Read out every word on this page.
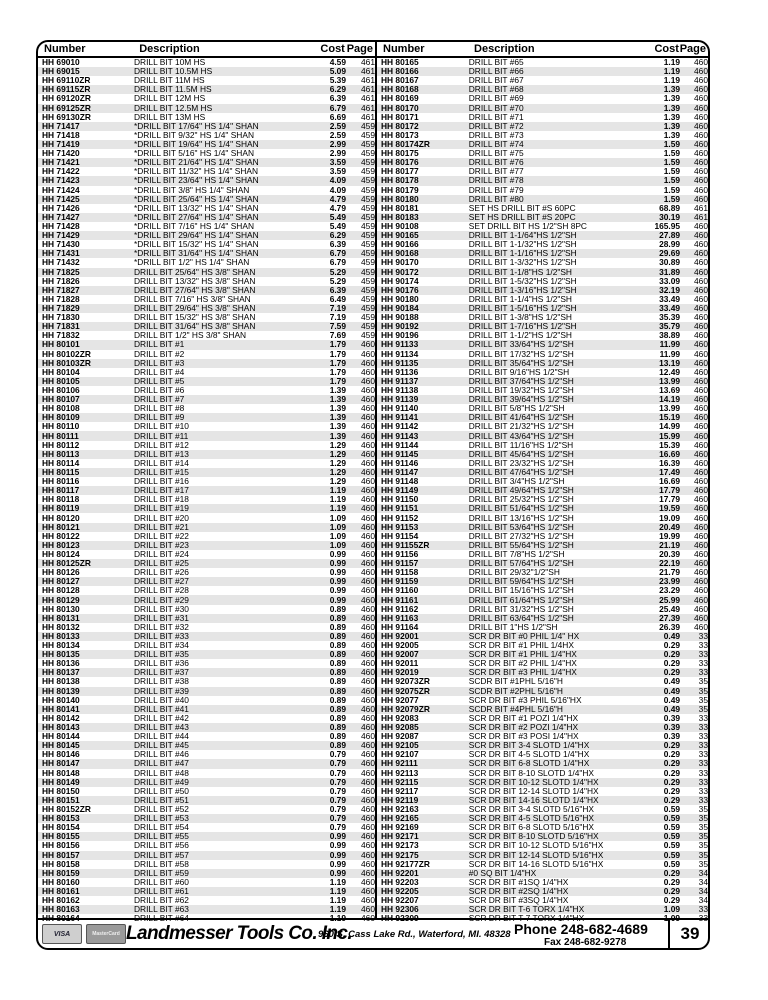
Number	Description	Cost Page
HH 69010	DRILL BIT 10M HS	4.59	461
HH 69015	DRILL BIT 10.5M HS	5.09	461
HH 69110ZR	DRILL BIT 11M HS	5.39	461
HH 69115ZR	DRILL BIT 11.5M HS	6.29	461
HH 69120ZR	DRILL BIT 12M HS	6.39	461
HH 69125ZR	DRILL BIT 12.5M HS	6.79	461
HH 69130ZR	DRILL BIT 13M HS	6.69	461
HH 71417	*DRILL BIT 17/64" HS 1/4" SHAN	2.59	459
HH 71418	*DRILL BIT 9/32" HS 1/4" SHAN	2.59	459
HH 71419	*DRILL BIT 19/64" HS 1/4" SHAN	2.99	459
HH 71420	*DRILL BIT 5/16" HS 1/4" SHAN	2.99	459
HH 71421	*DRILL BIT 21/64" HS 1/4" SHAN	3.59	459
HH 71422	*DRILL BIT 11/32" HS 1/4" SHAN	3.59	459
HH 71423	*DRILL BIT 23/64" HS 1/4" SHAN	4.09	459
HH 71424	*DRILL BIT 3/8" HS 1/4" SHAN	4.09	459
HH 71425	*DRILL BIT 25/64" HS 1/4" SHAN	4.79	459
HH 71426	*DRILL BIT 13/32" HS 1/4" SHAN	4.79	459
HH 71427	*DRILL BIT 27/64" HS 1/4" SHAN	5.49	459
HH 71428	*DRILL BIT 7/16" HS 1/4" SHAN	5.49	459
HH 71429	*DRILL BIT 29/64" HS 1/4" SHAN	6.29	459
HH 71430	*DRILL BIT 15/32" HS 1/4" SHAN	6.39	459
HH 71431	*DRILL BIT 31/64" HS 1/4" SHAN	6.79	459
HH 71432	*DRILL BIT 1/2" HS 1/4" SHAN	6.79	459
HH 71825	DRILL BIT 25/64" HS 3/8" SHAN	5.29	459
HH 71826	DRILL BIT 13/32" HS 3/8" SHAN	5.29	459
HH 71827	DRILL BIT 27/64" HS 3/8" SHAN	6.39	459
HH 71828	DRILL BIT 7/16" HS 3/8" SHAN	6.49	459
HH 71829	DRILL BIT 29/64" HS 3/8" SHAN	7.19	459
HH 71830	DRILL BIT 15/32" HS 3/8" SHAN	7.19	459
HH 71831	DRILL BIT 31/64" HS 3/8" SHAN	7.59	459
HH 71832	DRILL BIT 1/2" HS 3/8" SHAN	7.69	459
HH 80101	DRILL BIT #1	1.79	460
HH 80102ZR	DRILL BIT #2	1.79	460
HH 80103ZR	DRILL BIT #3	1.79	460
HH 80104	DRILL BIT #4	1.79	460
HH 80105	DRILL BIT #5	1.79	460
HH 80106	DRILL BIT #6	1.39	460
HH 80107	DRILL BIT #7	1.39	460
HH 80108	DRILL BIT #8	1.39	460
HH 80109	DRILL BIT #9	1.39	460
HH 80110	DRILL BIT #10	1.39	460
HH 80111	DRILL BIT #11	1.39	460
HH 80112	DRILL BIT #12	1.29	460
HH 80113	DRILL BIT #13	1.29	460
HH 80114	DRILL BIT #14	1.29	460
HH 80115	DRILL BIT #15	1.29	460
HH 80116	DRILL BIT #16	1.29	460
HH 80117	DRILL BIT #17	1.19	460
HH 80118	DRILL BIT #18	1.19	460
HH 80119	DRILL BIT #19	1.19	460
HH 80120	DRILL BIT #20	1.09	460
HH 80121	DRILL BIT #21	1.09	460
HH 80122	DRILL BIT #22	1.09	460
HH 80123	DRILL BIT #23	1.09	460
HH 80124	DRILL BIT #24	0.99	460
HH 80125ZR	DRILL BIT #25	0.99	460
HH 80126	DRILL BIT #26	0.99	460
HH 80127	DRILL BIT #27	0.99	460
HH 80128	DRILL BIT #28	0.99	460
HH 80129	DRILL BIT #29	0.99	460
HH 80130	DRILL BIT #30	0.89	460
HH 80131	DRILL BIT #31	0.89	460
HH 80132	DRILL BIT #32	0.89	460
HH 80133	DRILL BIT #33	0.89	460
HH 80134	DRILL BIT #34	0.89	460
HH 80135	DRILL BIT #35	0.89	460
HH 80136	DRILL BIT #36	0.89	460
HH 80137	DRILL BIT #37	0.89	460
HH 80138	DRILL BIT #38	0.89	460
HH 80139	DRILL BIT #39	0.89	460
HH 80140	DRILL BIT #40	0.89	460
HH 80141	DRILL BIT #41	0.89	460
HH 80142	DRILL BIT #42	0.89	460
HH 80143	DRILL BIT #43	0.89	460
HH 80144	DRILL BIT #44	0.89	460
HH 80145	DRILL BIT #45	0.89	460
HH 80146	DRILL BIT #46	0.79	460
HH 80147	DRILL BIT #47	0.79	460
HH 80148	DRILL BIT #48	0.79	460
HH 80149	DRILL BIT #49	0.79	460
HH 80150	DRILL BIT #50	0.79	460
HH 80151	DRILL BIT #51	0.79	460
HH 80152ZR	DRILL BIT #52	0.79	460
HH 80153	DRILL BIT #53	0.79	460
HH 80154	DRILL BIT #54	0.79	460
HH 80155	DRILL BIT #55	0.99	460
HH 80156	DRILL BIT #56	0.99	460
HH 80157	DRILL BIT #57	0.99	460
HH 80158	DRILL BIT #58	0.99	460
HH 80159	DRILL BIT #59	0.99	460
HH 80160	DRILL BIT #60	1.19	460
HH 80161	DRILL BIT #61	1.19	460
HH 80162	DRILL BIT #62	1.19	460
HH 80163	DRILL BIT #63	1.19	460
HH 80164	DRILL BIT #64	1.19	460
Number	Description	Cost Page
HH 80165	DRILL BIT #65	1.19	460
HH 80166	DRILL BIT #66	1.19	460
HH 80167	DRILL BIT #67	1.19	460
HH 80168	DRILL BIT #68	1.39	460
HH 80169	DRILL BIT #69	1.39	460
HH 80170	DRILL BIT #70	1.39	460
HH 80171	DRILL BIT #71	1.39	460
HH 80172	DRILL BIT #72	1.39	460
HH 80173	DRILL BIT #73	1.39	460
HH 80174ZR	DRILL BIT #74	1.59	460
HH 80175	DRILL BIT #75	1.59	460
HH 80176	DRILL BIT #76	1.59	460
HH 80177	DRILL BIT #77	1.59	460
HH 80178	DRILL BIT #78	1.59	460
HH 80179	DRILL BIT #79	1.59	460
HH 80180	DRILL BIT #80	1.59	460
HH 80181	SET HS DRILL BIT #S 60PC	68.89	461
HH 80183	SET HS DRILL BIT #S 20PC	30.19	461
HH 90108	SET DRILL BIT HS 1/2"SH 8PC	165.95	460
HH 90165	DRILL BIT 1-1/64"HS 1/2"SH	27.89	460
HH 90166	DRILL BIT 1-1/32"HS 1/2"SH	28.99	460
HH 90168	DRILL BIT 1-1/16"HS 1/2"SH	29.69	460
HH 90170	DRILL BIT 1-3/32"HS 1/2"SH	30.89	460
HH 90172	DRILL BIT 1-1/8"HS 1/2"SH	31.89	460
HH 90174	DRILL BIT 1-5/32"HS 1/2"SH	33.09	460
HH 90176	DRILL BIT 1-3/16"HS 1/2"SH	32.19	460
HH 90180	DRILL BIT 1-1/4"HS 1/2"SH	33.49	460
HH 90184	DRILL BIT 1-5/16"HS 1/2"SH	33.49	460
HH 90188	DRILL BIT 1-3/8"HS 1/2"SH	35.39	460
HH 90192	DRILL BIT 1-7/16"HS 1/2"SH	35.79	460
HH 90196	DRILL BIT 1-1/2"HS 1/2"SH	38.89	460
HH 91133	DRILL BIT 33/64"HS 1/2"SH	11.99	460
HH 91134	DRILL BIT 17/32"HS 1/2"SH	11.99	460
HH 91135	DRILL BIT 35/64"HS 1/2"SH	13.19	460
HH 91136	DRILL BIT 9/16"HS 1/2"SH	12.49	460
HH 91137	DRILL BIT 37/64"HS 1/2"SH	13.99	460
HH 91138	DRILL BIT 19/32"HS 1/2"SH	13.69	460
HH 91139	DRILL BIT 39/64"HS 1/2"SH	14.19	460
HH 91140	DRILL BIT 5/8"HS 1/2"SH	13.99	460
HH 91141	DRILL BIT 41/64"HS 1/2"SH	15.19	460
HH 91142	DRILL BIT 21/32"HS 1/2"SH	14.99	460
HH 91143	DRILL BIT 43/64"HS 1/2"SH	15.99	460
HH 91144	DRILL BIT 11/16"HS 1/2"SH	15.39	460
HH 91145	DRILL BIT 45/64"HS 1/2"SH	16.69	460
HH 91146	DRILL BIT 23/32"HS 1/2"SH	16.39	460
HH 91147	DRILL BIT 47/64"HS 1/2"SH	17.49	460
HH 91148	DRILL BIT 3/4"HS 1/2"SH	16.69	460
HH 91149	DRILL BIT 49/64"HS 1/2"SH	17.79	460
HH 91150	DRILL BIT 25/32"HS 1/2"SH	17.79	460
HH 91151	DRILL BIT 51/64"HS 1/2"SH	19.59	460
HH 91152	DRILL BIT 13/16"HS 1/2"SH	19.09	460
HH 91153	DRILL BIT 53/64"HS 1/2"SH	20.49	460
HH 91154	DRILL BIT 27/32"HS 1/2"SH	19.99	460
HH 91155ZR	DRILL BIT 55/64"HS 1/2"SH	21.19	460
HH 91156	DRILL BIT 7/8"HS 1/2"SH	20.39	460
HH 91157	DRILL BIT 57/64"HS 1/2"SH	22.19	460
HH 91158	DRILL BIT 29/32"1/2"SH	21.79	460
HH 91159	DRILL BIT 59/64"HS 1/2"SH	23.99	460
HH 91160	DRILL BIT 15/16"HS 1/2"SH	23.29	460
HH 91161	DRILL BIT 61/64"HS 1/2"SH	25.99	460
HH 91162	DRILL BIT 31/32"HS 1/2"SH	25.49	460
HH 91163	DRILL BIT 63/64"HS 1/2"SH	27.39	460
HH 91164	DRILL BIT 1"HS 1/2"SH	26.39	460
HH 92001	SCR DR BIT #0 PHIL 1/4" HX	0.49	33
HH 92005	SCR DR BIT #1 PHIL 1/4HX	0.29	33
HH 92007	SCR DR BIT #1 PHIL 1/4"HX	0.29	33
HH 92011	SCR DR BIT #2 PHIL 1/4"HX	0.29	33
HH 92019	SCR DR BIT #3 PHIL 1/4"HX	0.29	33
HH 92073ZR	SCDR BIT #1PHL 5/16"H	0.49	35
HH 92075ZR	SCDR BIT #2PHL 5/16"H	0.49	35
HH 92077	SCR DR BIT #3 PHIL 5/16"HX	0.49	35
HH 92079ZR	SCDR BIT #4PHL 5/16"H	0.49	35
HH 92083	SCR DR BIT #1 POZI 1/4"HX	0.39	33
HH 92085	SCR DR BIT #2 POZI 1/4"HX	0.39	33
HH 92087	SCR DR BIT #3 POSI 1/4"HX	0.39	33
HH 92105	SCR DR BIT 3-4 SLOTD 1/4"HX	0.29	33
HH 92107	SCR DR BIT 4-5 SLOTD 1/4"HX	0.29	33
HH 92111	SCR DR BIT 6-8 SLOTD 1/4"HX	0.29	33
HH 92113	SCR DR BIT 8-10 SLOTD 1/4"HX	0.29	33
HH 92115	SCR DR BIT 10-12 SLOTD 1/4"HX	0.29	33
HH 92117	SCR DR BIT 12-14 SLOTD 1/4"HX	0.29	33
HH 92119	SCR DR BIT 14-16 SLOTD 1/4"HX	0.29	33
HH 92163	SCR DR BIT 3-4 SLOTD 5/16"HX	0.59	35
HH 92165	SCR DR BIT 4-5 SLOTD 5/16"HX	0.59	35
HH 92169	SCR DR BIT 6-8 SLOTD 5/16"HX	0.59	35
HH 92171	SCR DR BIT 8-10 SLOTD 5/16"HX	0.59	35
HH 92173	SCR DR BIT 10-12 SLOTD 5/16"HX	0.59	35
HH 92175	SCR DR BIT 12-14 SLOTD 5/16"HX	0.59	35
HH 92177ZR	SCR DR BIT 14-16 SLOTD 5/16"HX	0.59	35
HH 92201	#0 SQ BIT 1/4"HX	0.29	34
HH 92203	SCR DR BIT #1SQ 1/4"HX	0.29	34
HH 92205	SCR DR BIT #2SQ 1/4"HX	0.29	34
HH 92207	SCR DR BIT #3SQ 1/4"HX	0.29	34
HH 92306	SCR DR BIT T-6 TORX 1/4"HX	1.09	33
HH 92309	SCR DR BIT T-7 TORX 1/4"HX	1.09	33
VISA	MasterCard Landmesser Tools Co. Inc.
960 S. Cass Lake Rd., Waterford, MI. 48328 Phone 248-682-4689
Fax 248-682-9278	39
